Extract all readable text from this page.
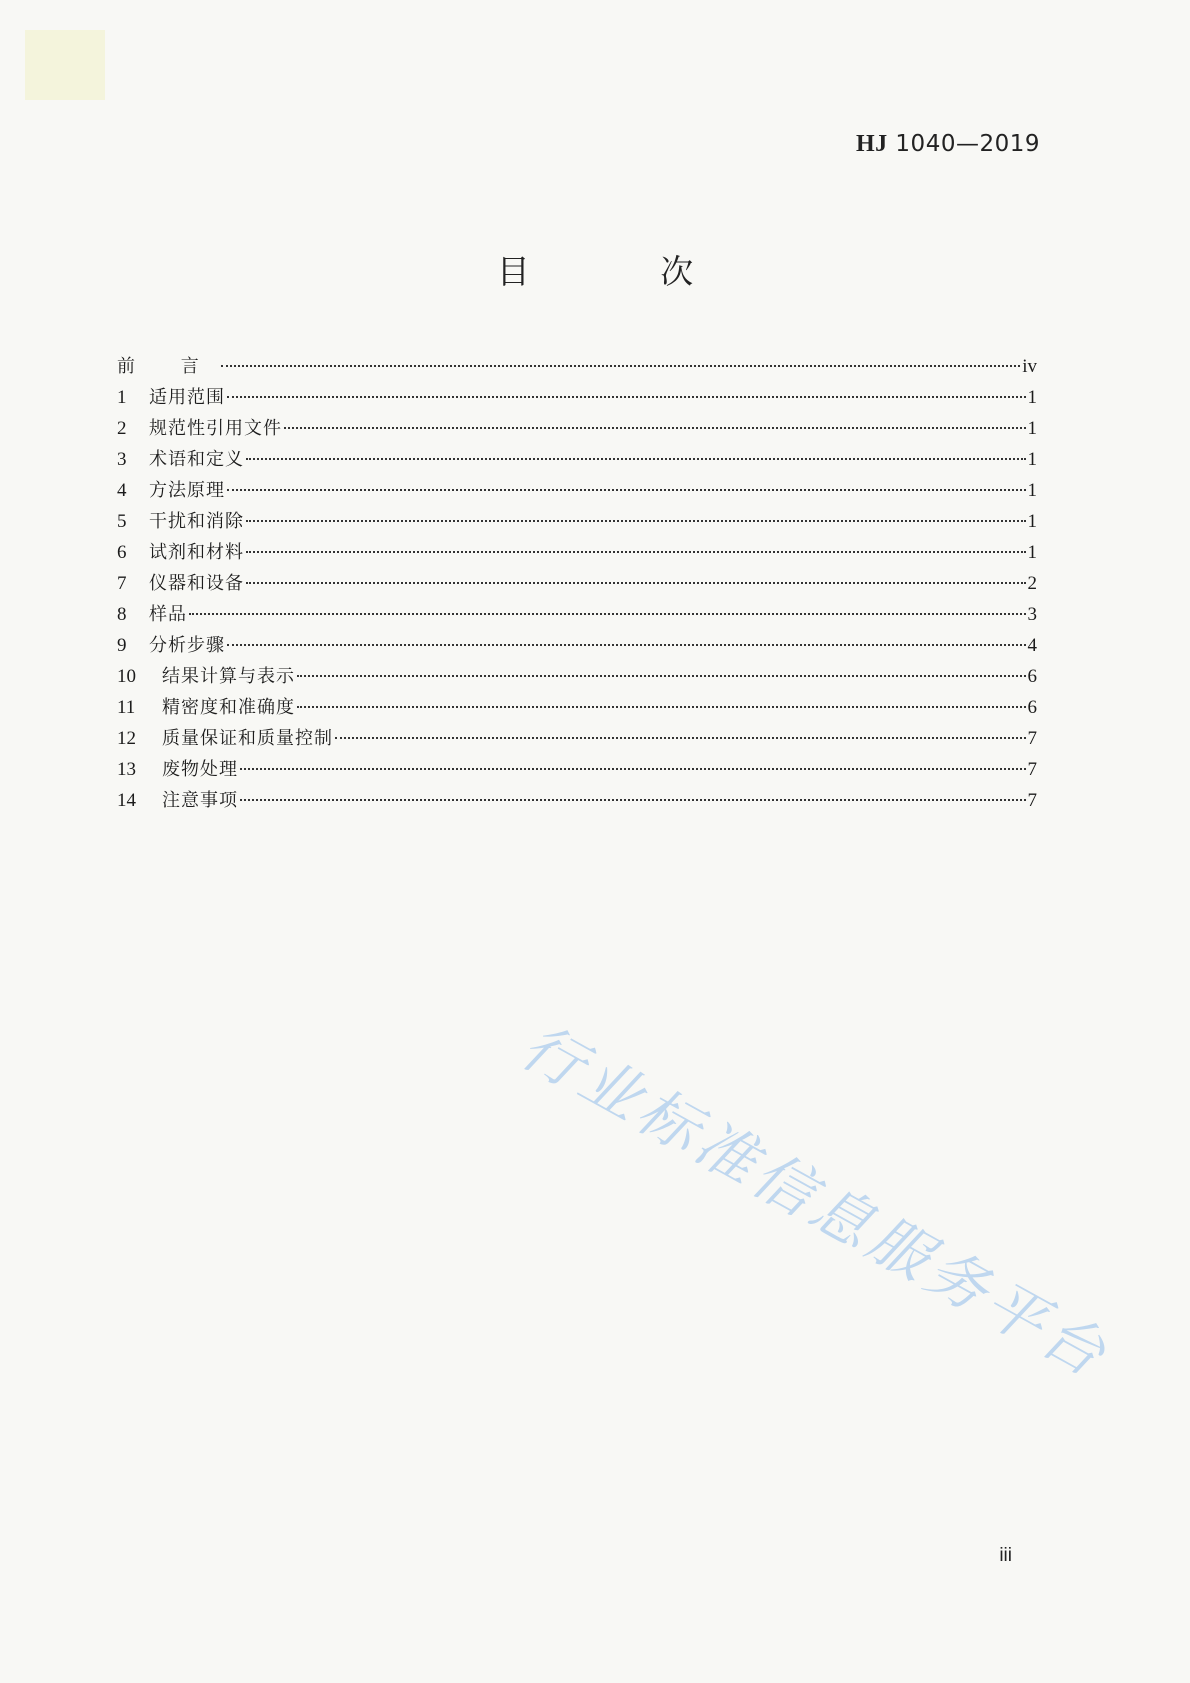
HJ 1040—2019
目 次
前 言	iv
1	适用范围	1
2	规范性引用文件	1
3	术语和定义	1
4	方法原理	1
5	干扰和消除	1
6	试剂和材料	1
7	仪器和设备	2
8	样品	3
9	分析步骤	4
10	结果计算与表示	6
11	精密度和准确度	6
12	质量保证和质量控制	7
13	废物处理	7
14	注意事项	7
行业标准信息服务平台
iii
